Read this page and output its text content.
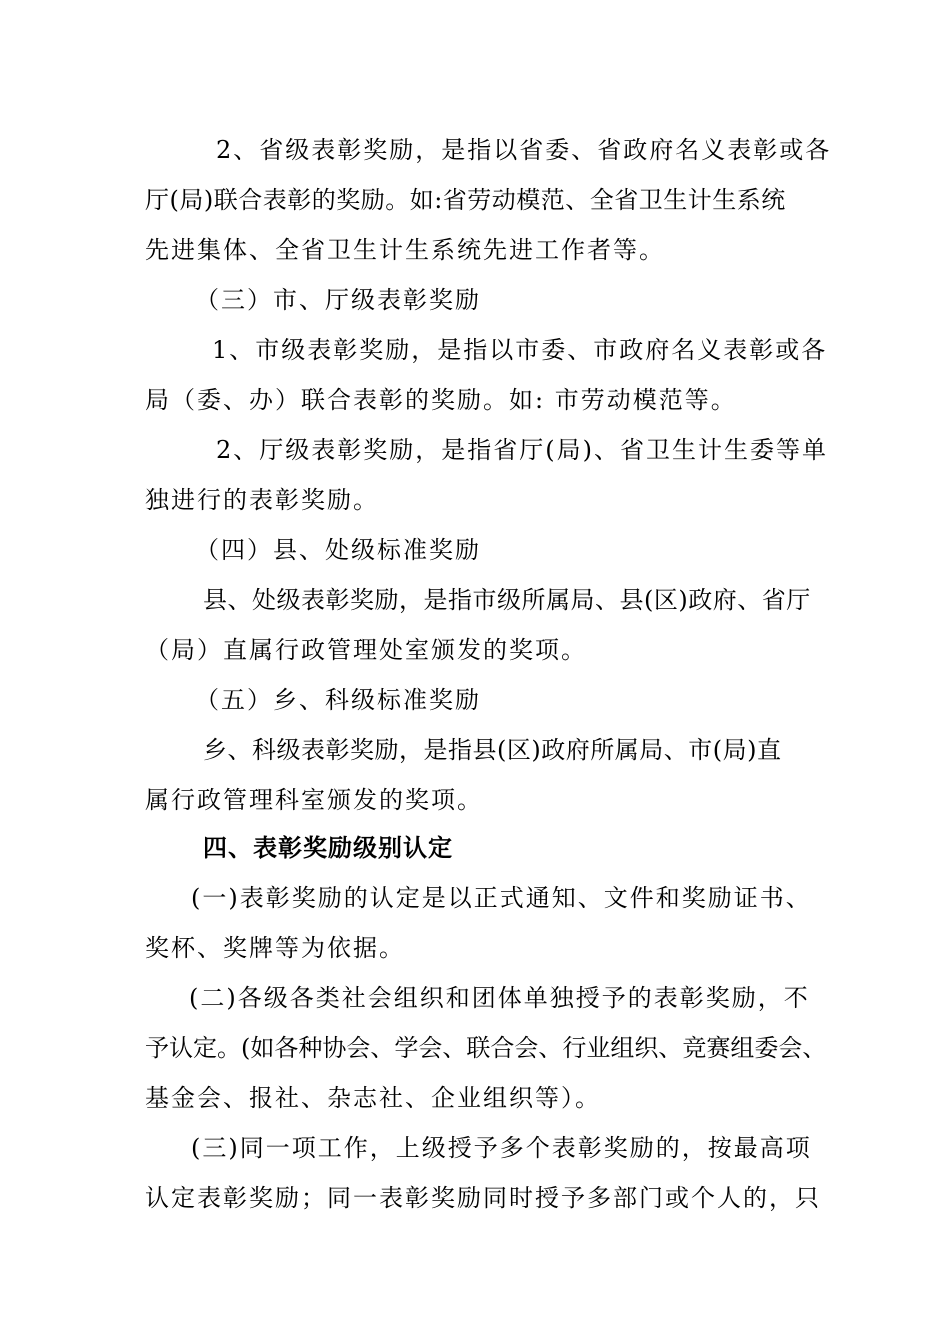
2、省级表彰奖励，是指以省委、省政府名义表彰或各
厅(局)联合表彰的奖励。如:省劳动模范、全省卫生计生系统
先进集体、全省卫生计生系统先进工作者等。
（三）市、厅级表彰奖励
1、市级表彰奖励，是指以市委、市政府名义表彰或各
局（委、办）联合表彰的奖励。如: 市劳动模范等。
2、厅级表彰奖励，是指省厅(局)、省卫生计生委等单
独进行的表彰奖励。
（四）县、处级标准奖励
县、处级表彰奖励，是指市级所属局、县(区)政府、省厅
（局）直属行政管理处室颁发的奖项。
（五）乡、科级标准奖励
乡、科级表彰奖励，是指县(区)政府所属局、市(局)直
属行政管理科室颁发的奖项。
四、表彰奖励级别认定
(一)表彰奖励的认定是以正式通知、文件和奖励证书、
奖杯、奖牌等为依据。
(二)各级各类社会组织和团体单独授予的表彰奖励，不
予认定。(如各种协会、学会、联合会、行业组织、竞赛组委会、
基金会、报社、杂志社、企业组织等）。
(三)同一项工作，上级授予多个表彰奖励的，按最高项
认定表彰奖励；同一表彰奖励同时授予多部门或个人的，只
